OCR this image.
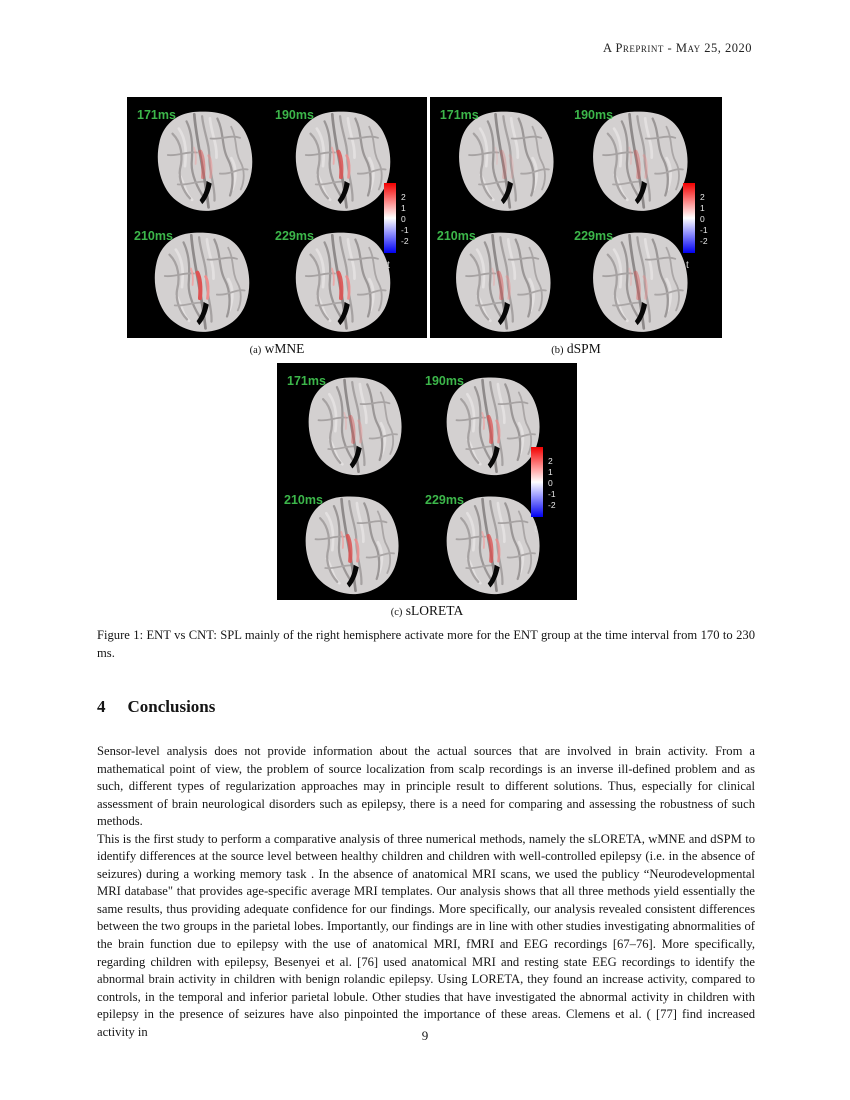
A Preprint - May 25, 2020
171ms	190ms
210ms	229ms
2
1
0
-1
-2
t
171ms	190ms
210ms	229ms
2
1
0
-1
-2
t
171ms	190ms
210ms	229ms
2
1
0
-1
-2
t
(a) wMNE	(b) dSPM
(c) sLORETA
Figure 1: ENT vs CNT: SPL mainly of the right hemisphere activate more for the ENT group at the time interval from 170 to 230 ms.
4 Conclusions

Sensor-level analysis does not provide information about the actual sources that are involved in brain activity. From a mathematical point of view, the problem of source localization from scalp recordings is an inverse ill-defined problem and as such, different types of regularization approaches may in principle result to different solutions. Thus, especially for clinical assessment of brain neurological disorders such as epilepsy, there is a need for comparing and assessing the robustness of such methods.

This is the first study to perform a comparative analysis of three numerical methods, namely the sLORETA, wMNE and dSPM to identify differences at the source level between healthy children and children with well-controlled epilepsy (i.e. in the absence of seizures) during a working memory task . In the absence of anatomical MRI scans, we used the publicy “Neurodevelopmental MRI database" that provides age-specific average MRI templates. Our analysis shows that all three methods yield essentially the same results, thus providing adequate confidence for our findings. More specifically, our analysis revealed consistent differences between the two groups in the parietal lobes. Importantly, our findings are in line with other studies investigating abnormalities of the brain function due to epilepsy with the use of anatomical MRI, fMRI and EEG recordings [67–76]. More specifically, regarding children with epilepsy, Besenyei et al. [76] used anatomical MRI and resting state EEG recordings to identify the abnormal brain activity in children with benign rolandic epilepsy. Using LORETA, they found an increase activity, compared to controls, in the temporal and inferior parietal lobule. Other studies that have investigated the abnormal activity in children with epilepsy in the presence of seizures have also pinpointed the importance of these areas. Clemens et al. ( [77] find increased activity in	9
